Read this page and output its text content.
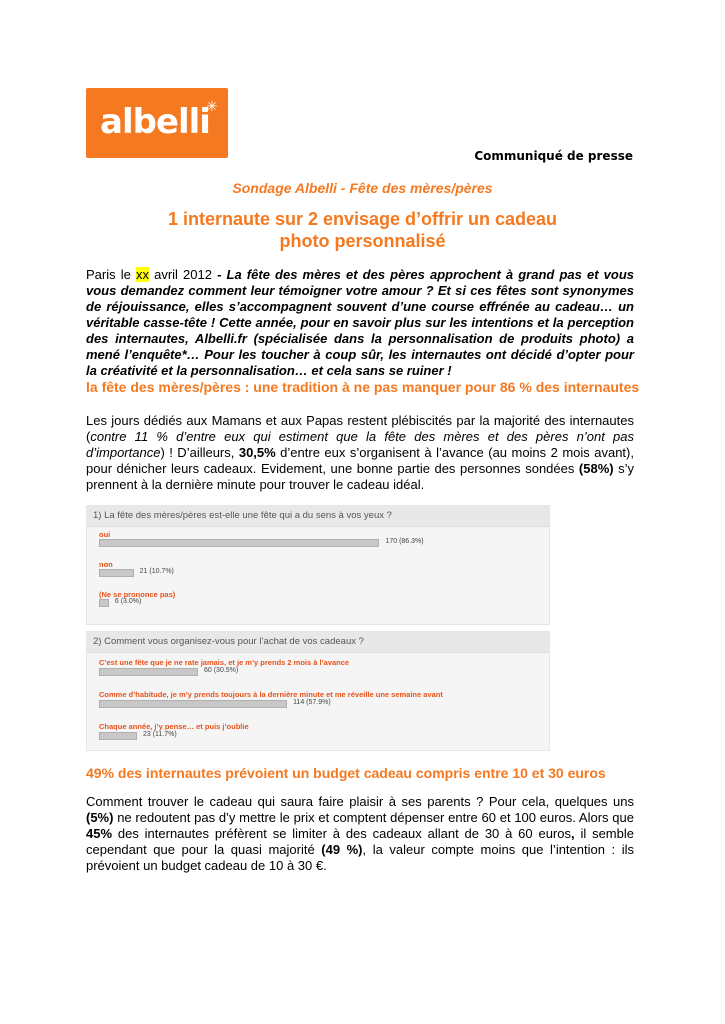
albelli
✳
Communiqué de presse
Sondage Albelli - Fête des mères/pères
1 internaute sur 2 envisage d’offrir un cadeau
photo personnalisé
Paris le xx avril 2012 - La fête des mères et des pères approchent à grand pas et vous vous demandez comment leur témoigner votre amour ? Et si ces fêtes sont synonymes de réjouissance, elles s’accompagnent souvent d’une course effrénée au cadeau… un véritable casse-tête ! Cette année, pour en savoir plus sur les intentions et la perception des internautes, Albelli.fr (spécialisée dans la personnalisation de produits photo) a mené l’enquête*… Pour les toucher à coup sûr, les internautes ont décidé d’opter pour la créativité et la personnalisation… et cela sans se ruiner !
la fête des mères/pères : une tradition à ne pas manquer pour 86 % des internautes
Les jours dédiés aux Mamans et aux Papas restent plébiscités par la majorité des internautes (contre 11 % d’entre eux qui estiment que la fête des mères et des pères n’ont pas d’importance) ! D’ailleurs, 30,5% d’entre eux s’organisent à l’avance (au moins 2 mois avant), pour dénicher leurs cadeaux. Evidement, une bonne partie des personnes sondées (58%) s’y prennent à la dernière minute pour trouver le cadeau idéal.
1) La fête des mères/pères est-elle une fête qui a du sens à vos yeux ?
oui
170 (86.3%)
non
21 (10.7%)
(Ne se prononce pas)
6 (3.0%)
2) Comment vous organisez-vous pour l’achat de vos cadeaux ?
C’est une fête que je ne rate jamais, et je m’y prends 2 mois à l’avance
60 (30.5%)
Comme d’habitude, je m’y prends toujours à la dernière minute et me réveille une semaine avant
114 (57.9%)
Chaque année, j’y pense… et puis j’oublie
23 (11.7%)
49% des internautes prévoient un budget cadeau compris entre 10 et 30 euros
Comment trouver le cadeau qui saura faire plaisir à ses parents ? Pour cela, quelques uns (5%) ne redoutent pas d’y mettre le prix et comptent dépenser entre 60 et 100 euros. Alors que 45% des internautes préfèrent se limiter à des cadeaux allant de 30 à 60 euros, il semble cependant que pour la quasi majorité (49 %), la valeur compte moins que l’intention : ils prévoient un budget cadeau de 10 à 30 €.
